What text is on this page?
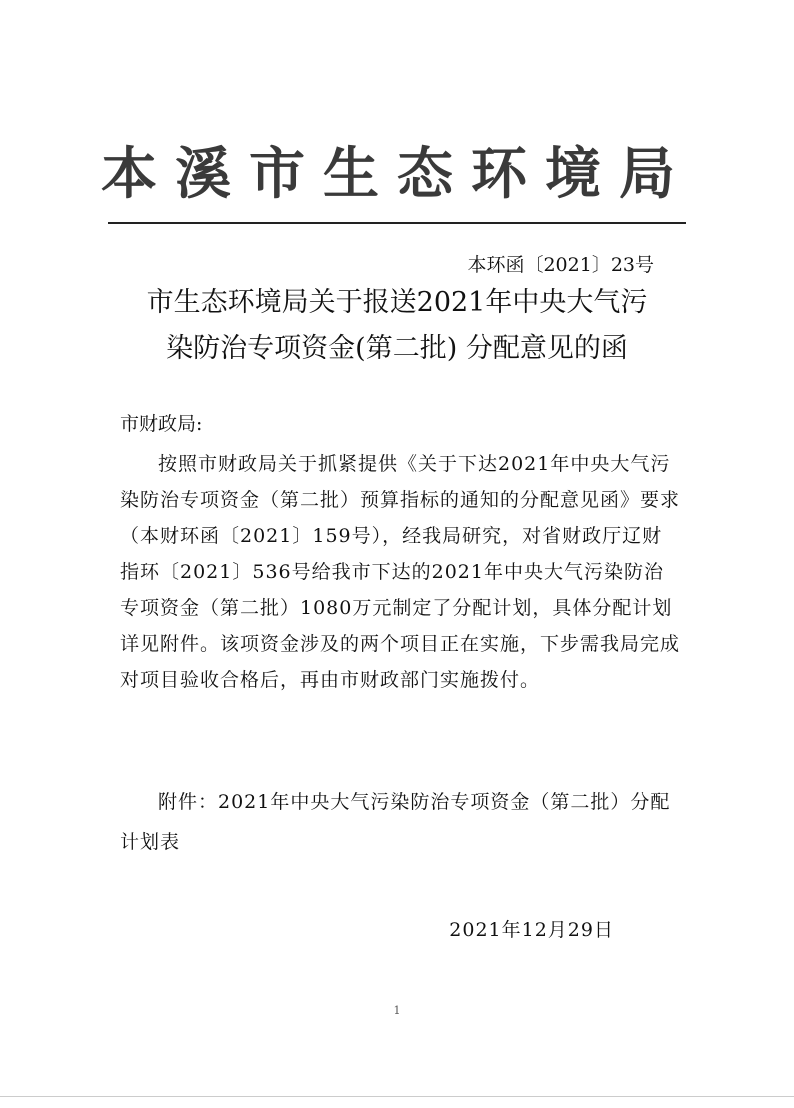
本溪市生态环境局
本环函〔2021〕23号
市生态环境局关于报送2021年中央大气污
染防治专项资金(第二批) 分配意见的函
市财政局:
按照市财政局关于抓紧提供《关于下达2021年中央大气污染防治专项资金（第二批）预算指标的通知的分配意见函》要求（本财环函〔2021〕159号），经我局研究，对省财政厅辽财指环〔2021〕536号给我市下达的2021年中央大气污染防治专项资金（第二批）1080万元制定了分配计划，具体分配计划详见附件。该项资金涉及的两个项目正在实施，下步需我局完成对项目验收合格后，再由市财政部门实施拨付。
附件：2021年中央大气污染防治专项资金（第二批）分配计划表
2021年12月29日
1
